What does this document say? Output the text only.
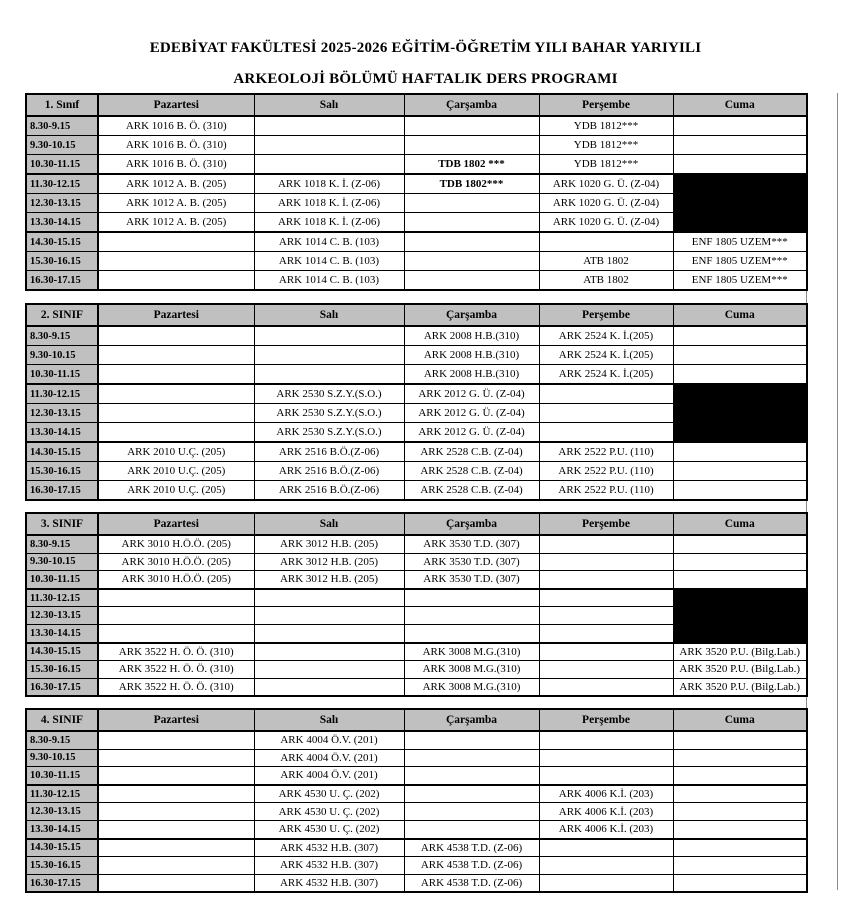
EDEBİYAT FAKÜLTESİ 2025-2026 EĞİTİM-ÖĞRETİM YILI BAHAR YARIYILI
ARKEOLOJİ BÖLÜMÜ HAFTALIK DERS PROGRAMI
1. Sınıf	Pazartesi	Salı	Çarşamba	Perşembe	Cuma
8.30-9.15	ARK 1016 B. Ö. (310)			YDB 1812***	
9.30-10.15	ARK 1016 B. Ö. (310)			YDB 1812***	
10.30-11.15	ARK 1016 B. Ö. (310)		TDB 1802 ***	YDB 1812***	
11.30-12.15	ARK 1012 A. B. (205)	ARK 1018 K. İ. (Z-06)	TDB 1802***	ARK 1020 G. Ü. (Z-04)	
12.30-13.15	ARK 1012 A. B. (205)	ARK 1018 K. İ. (Z-06)		ARK 1020 G. Ü. (Z-04)	
13.30-14.15	ARK 1012 A. B. (205)	ARK 1018 K. İ. (Z-06)		ARK 1020 G. Ü. (Z-04)	
14.30-15.15		ARK 1014 C. B. (103)			ENF 1805 UZEM***
15.30-16.15		ARK 1014 C. B. (103)		ATB 1802	ENF 1805 UZEM***
16.30-17.15		ARK 1014 C. B. (103)		ATB 1802	ENF 1805 UZEM***
2. SINIF	Pazartesi	Salı	Çarşamba	Perşembe	Cuma
8.30-9.15			ARK 2008 H.B.(310)	ARK 2524 K. İ.(205)	
9.30-10.15			ARK 2008 H.B.(310)	ARK 2524 K. İ.(205)	
10.30-11.15			ARK 2008 H.B.(310)	ARK 2524 K. İ.(205)	
11.30-12.15		ARK 2530 S.Z.Y.(S.O.)	ARK 2012 G. Ü. (Z-04)		
12.30-13.15		ARK 2530 S.Z.Y.(S.O.)	ARK 2012 G. Ü. (Z-04)		
13.30-14.15		ARK 2530 S.Z.Y.(S.O.)	ARK 2012 G. Ü. (Z-04)		
14.30-15.15	ARK 2010 U.Ç. (205)	ARK 2516 B.Ö.(Z-06)	ARK 2528 C.B. (Z-04)	ARK 2522 P.U. (110)	
15.30-16.15	ARK 2010 U.Ç. (205)	ARK 2516 B.Ö.(Z-06)	ARK 2528 C.B. (Z-04)	ARK 2522 P.U. (110)	
16.30-17.15	ARK 2010 U.Ç. (205)	ARK 2516 B.Ö.(Z-06)	ARK 2528 C.B. (Z-04)	ARK 2522 P.U. (110)	
3. SINIF	Pazartesi	Salı	Çarşamba	Perşembe	Cuma
8.30-9.15	ARK 3010 H.Ö.Ö. (205)	ARK 3012 H.B. (205)	ARK 3530 T.D. (307)		
9.30-10.15	ARK 3010 H.Ö.Ö. (205)	ARK 3012 H.B. (205)	ARK 3530 T.D. (307)		
10.30-11.15	ARK 3010 H.Ö.Ö. (205)	ARK 3012 H.B. (205)	ARK 3530 T.D. (307)		
11.30-12.15					
12.30-13.15					
13.30-14.15					
14.30-15.15	ARK 3522 H. Ö. Ö. (310)		ARK 3008 M.G.(310)		ARK 3520 P.U. (Bilg.Lab.)
15.30-16.15	ARK 3522 H. Ö. Ö. (310)		ARK 3008 M.G.(310)		ARK 3520 P.U. (Bilg.Lab.)
16.30-17.15	ARK 3522 H. Ö. Ö. (310)		ARK 3008 M.G.(310)		ARK 3520 P.U. (Bilg.Lab.)
4. SINIF	Pazartesi	Salı	Çarşamba	Perşembe	Cuma
8.30-9.15		ARK 4004 Ö.V. (201)			
9.30-10.15		ARK 4004 Ö.V. (201)			
10.30-11.15		ARK 4004 Ö.V. (201)			
11.30-12.15		ARK 4530 U. Ç. (202)		ARK 4006 K.İ. (203)	
12.30-13.15		ARK 4530 U. Ç. (202)		ARK 4006 K.İ. (203)	
13.30-14.15		ARK 4530 U. Ç. (202)		ARK 4006 K.İ. (203)	
14.30-15.15		ARK 4532 H.B. (307)	ARK 4538 T.D. (Z-06)		
15.30-16.15		ARK 4532 H.B. (307)	ARK 4538 T.D. (Z-06)		
16.30-17.15		ARK 4532 H.B. (307)	ARK 4538 T.D. (Z-06)		
